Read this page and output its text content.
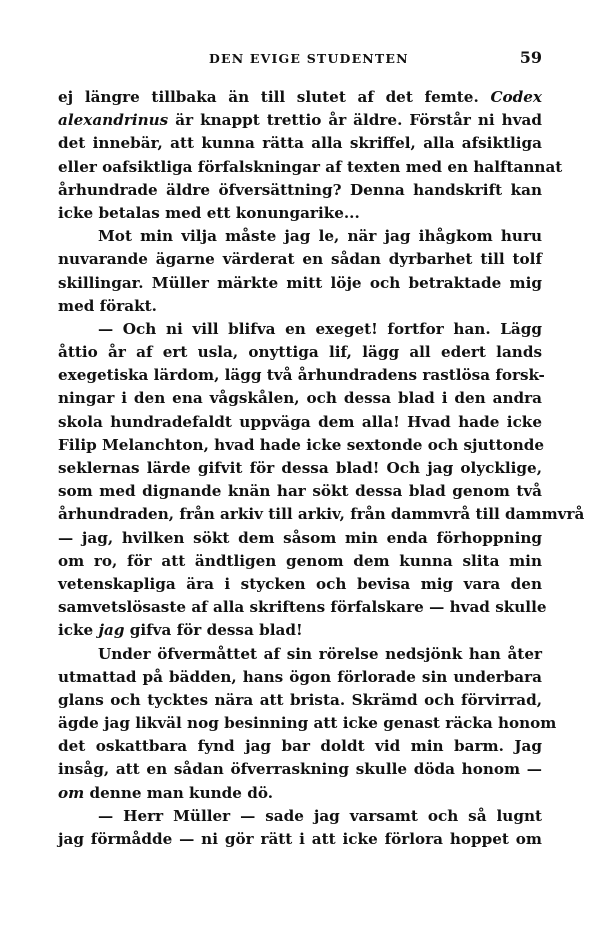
DEN EVIGE STUDENTEN	59
ej längre tillbaka än till slutet af det femte. Codex
alexandrinus är knappt trettio år äldre. Förstår ni hvad
det innebär, att kunna rätta alla skriffel, alla afsiktliga
eller oafsiktliga förfalskningar af texten med en halftannat
århundrade äldre öfversättning? Denna handskrift kan
icke betalas med ett konungarike...
Mot min vilja måste jag le, när jag ihågkom huru
nuvarande ägarne värderat en sådan dyrbarhet till tolf
skillingar. Müller märkte mitt löje och betraktade mig
med förakt.
— Och ni vill blifva en exeget! fortfor han. Lägg
åttio år af ert usla, onyttiga lif, lägg all edert lands
exegetiska lärdom, lägg två århundradens rastlösa forsk-
ningar i den ena vågskålen, och dessa blad i den andra
skola hundradefaldt uppväga dem alla! Hvad hade icke
Filip Melanchton, hvad hade icke sextonde och sjuttonde
seklernas lärde gifvit för dessa blad! Och jag olycklige,
som med dignande knän har sökt dessa blad genom två
århundraden, från arkiv till arkiv, från dammvrå till dammvrå
— jag, hvilken sökt dem såsom min enda förhoppning
om ro, för att ändtligen genom dem kunna slita min
vetenskapliga ära i stycken och bevisa mig vara den
samvetslösaste af alla skriftens förfalskare — hvad skulle
icke jag gifva för dessa blad!
Under öfvermåttet af sin rörelse nedsjönk han åter
utmattad på bädden, hans ögon förlorade sin underbara
glans och tycktes nära att brista. Skrämd och förvirrad,
ägde jag likväl nog besinning att icke genast räcka honom
det oskattbara fynd jag bar doldt vid min barm. Jag
insåg, att en sådan öfverraskning skulle döda honom —
om denne man kunde dö.
— Herr Müller — sade jag varsamt och så lugnt
jag förmådde — ni gör rätt i att icke förlora hoppet om
